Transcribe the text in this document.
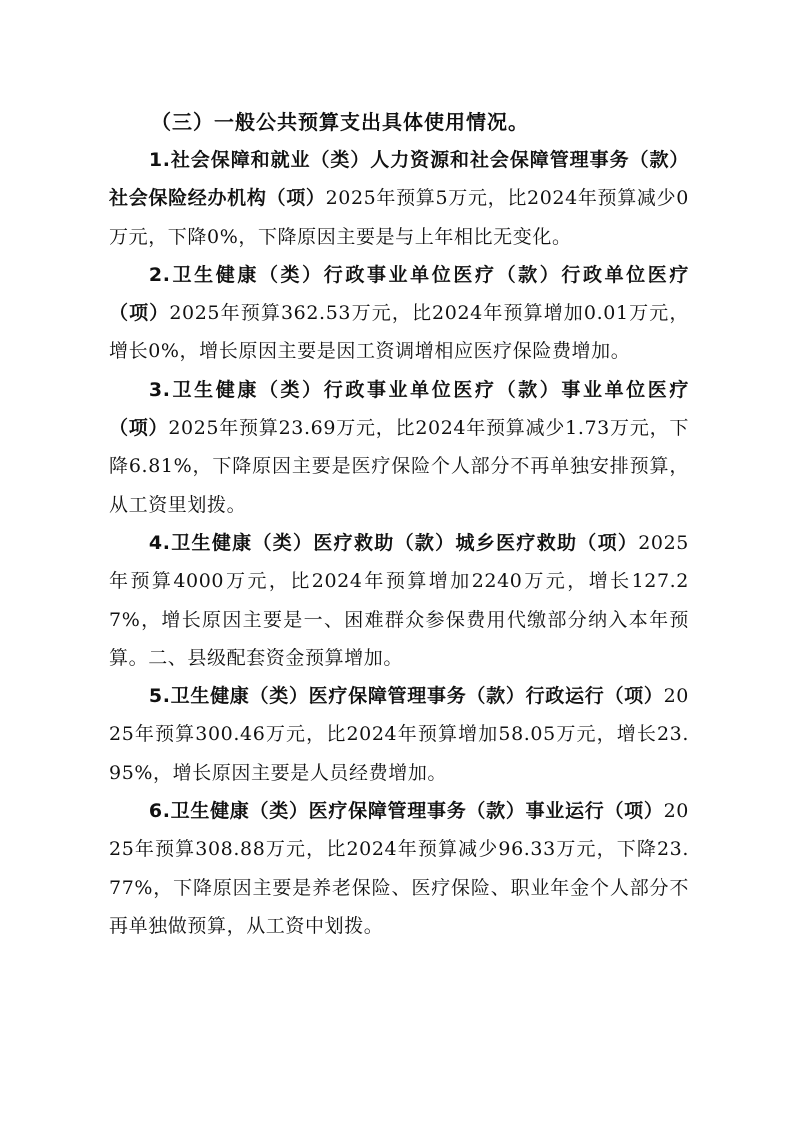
（三）一般公共预算支出具体使用情况。

1.社会保障和就业（类）人力资源和社会保障管理事务（款）社会保险经办机构（项）2025年预算5万元，比2024年预算减少0万元，下降0%，下降原因主要是与上年相比无变化。

2.卫生健康（类）行政事业单位医疗（款）行政单位医疗（项）2025年预算362.53万元，比2024年预算增加0.01万元，增长0%，增长原因主要是因工资调增相应医疗保险费增加。

3.卫生健康（类）行政事业单位医疗（款）事业单位医疗（项）2025年预算23.69万元，比2024年预算减少1.73万元，下降6.81%，下降原因主要是医疗保险个人部分不再单独安排预算，从工资里划拨。

4.卫生健康（类）医疗救助（款）城乡医疗救助（项）2025年预算4000万元，比2024年预算增加2240万元，增长127.27%，增长原因主要是一、困难群众参保费用代缴部分纳入本年预算。二、县级配套资金预算增加。

5.卫生健康（类）医疗保障管理事务（款）行政运行（项）2025年预算300.46万元，比2024年预算增加58.05万元，增长23.95%，增长原因主要是人员经费增加。

6.卫生健康（类）医疗保障管理事务（款）事业运行（项）2025年预算308.88万元，比2024年预算减少96.33万元，下降23.77%，下降原因主要是养老保险、医疗保险、职业年金个人部分不再单独做预算，从工资中划拨。
